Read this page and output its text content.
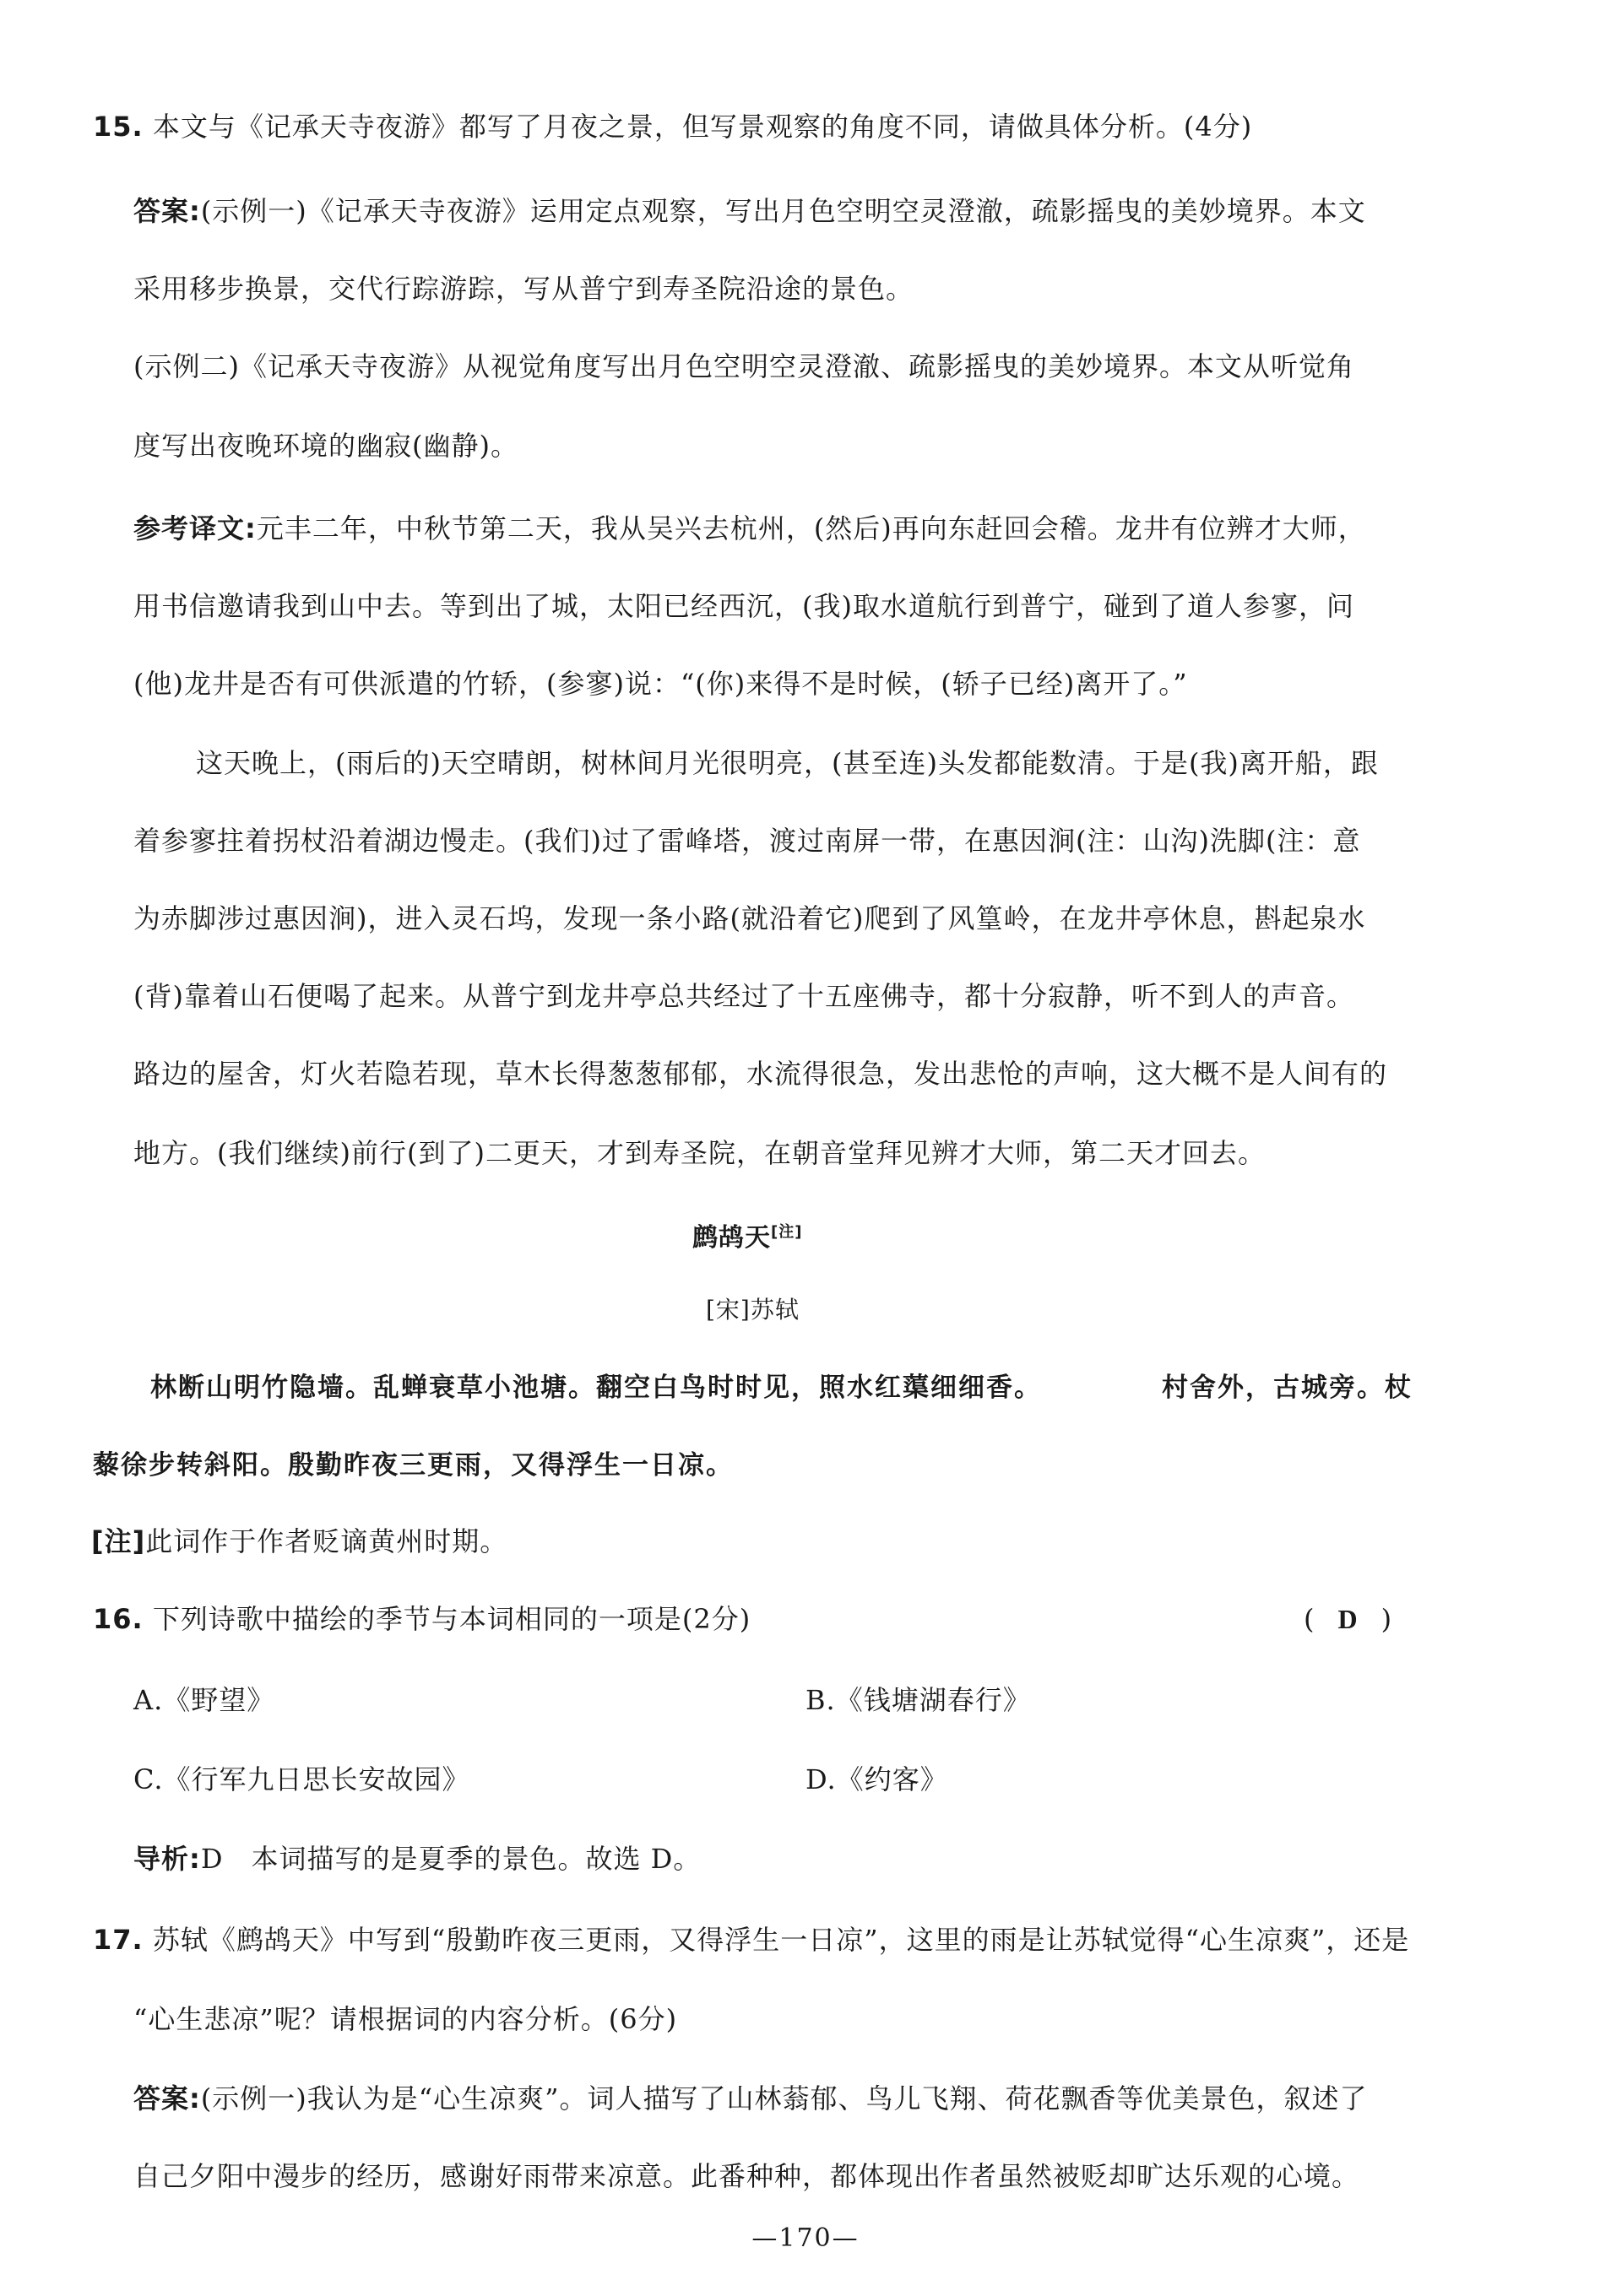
15. 本文与《记承天寺夜游》都写了月夜之景，但写景观察的角度不同，请做具体分析。(4分)
答案:(示例一)《记承天寺夜游》运用定点观察，写出月色空明空灵澄澈，疏影摇曳的美妙境界。本文
采用移步换景，交代行踪游踪，写从普宁到寿圣院沿途的景色。
(示例二)《记承天寺夜游》从视觉角度写出月色空明空灵澄澈、疏影摇曳的美妙境界。本文从听觉角
度写出夜晚环境的幽寂(幽静)。
参考译文:元丰二年，中秋节第二天，我从吴兴去杭州，(然后)再向东赶回会稽。龙井有位辨才大师，
用书信邀请我到山中去。等到出了城，太阳已经西沉，(我)取水道航行到普宁，碰到了道人参寥，问
(他)龙井是否有可供派遣的竹轿，(参寥)说：“(你)来得不是时候，(轿子已经)离开了。”
这天晚上，(雨后的)天空晴朗，树林间月光很明亮，(甚至连)头发都能数清。于是(我)离开船，跟
着参寥拄着拐杖沿着湖边慢走。(我们)过了雷峰塔，渡过南屏一带，在惠因涧(注：山沟)洗脚(注：意
为赤脚涉过惠因涧)，进入灵石坞，发现一条小路(就沿着它)爬到了风篁岭，在龙井亭休息，斟起泉水
(背)靠着山石便喝了起来。从普宁到龙井亭总共经过了十五座佛寺，都十分寂静，听不到人的声音。
路边的屋舍，灯火若隐若现，草木长得葱葱郁郁，水流得很急，发出悲怆的声响，这大概不是人间有的
地方。(我们继续)前行(到了)二更天，才到寿圣院，在朝音堂拜见辨才大师，第二天才回去。
鹧鸪天[注]
[宋]苏轼
林断山明竹隐墙。乱蝉衰草小池塘。翻空白鸟时时见，照水红蕖细细香。	村舍外，古城旁。杖
藜徐步转斜阳。殷勤昨夜三更雨，又得浮生一日凉。
[注]此词作于作者贬谪黄州时期。
16. 下列诗歌中描绘的季节与本词相同的一项是(2分)	( D )
A.《野望》	B.《钱塘湖春行》
C.《行军九日思长安故园》	D.《约客》
导析:D　本词描写的是夏季的景色。故选 D。
17. 苏轼《鹧鸪天》中写到“殷勤昨夜三更雨，又得浮生一日凉”，这里的雨是让苏轼觉得“心生凉爽”，还是
“心生悲凉”呢？请根据词的内容分析。(6分)
答案:(示例一)我认为是“心生凉爽”。词人描写了山林蓊郁、鸟儿飞翔、荷花飘香等优美景色，叙述了
自己夕阳中漫步的经历，感谢好雨带来凉意。此番种种，都体现出作者虽然被贬却旷达乐观的心境。
—170—
